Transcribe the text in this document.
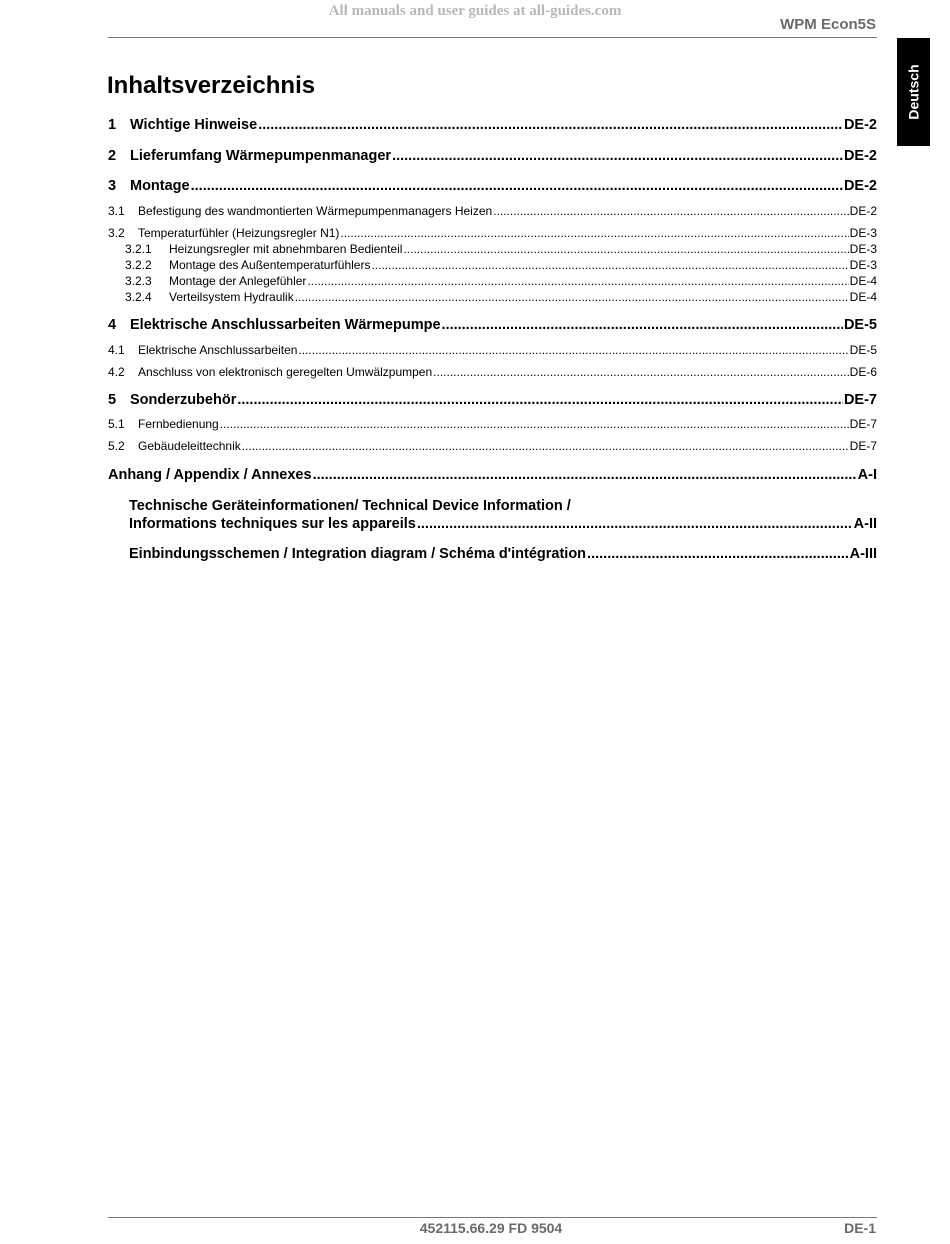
All manuals and user guides at all-guides.com
WPM Econ5S
Deutsch
Inhaltsverzeichnis
1 Wichtige Hinweise .....	DE-2
2 Lieferumfang Wärmepumpenmanager .....	DE-2
3 Montage .....	DE-2
3.1	Befestigung des wandmontierten Wärmepumpenmanagers Heizen .....	DE-2
3.2	Temperaturfühler (Heizungsregler N1) .....	DE-3
3.2.1	Heizungsregler mit abnehmbaren Bedienteil .....	DE-3
3.2.2	Montage des Außentemperaturfühlers .....	DE-3
3.2.3	Montage der Anlegefühler .....	DE-4
3.2.4	Verteilsystem Hydraulik .....	DE-4
4 Elektrische Anschlussarbeiten Wärmepumpe .....	DE-5
4.1	Elektrische Anschlussarbeiten .....	DE-5
4.2	Anschluss von elektronisch geregelten Umwälzpumpen .....	DE-6
5 Sonderzubehör .....	DE-7
5.1	Fernbedienung .....	DE-7
5.2	Gebäudeleittechnik .....	DE-7
Anhang / Appendix / Annexes .....	A-I
Technische Geräteinformationen/ Technical Device Information /
Informations techniques sur les appareils .....	A-II
Einbindungsschemen / Integration diagram / Schéma d'intégration .....	A-III
452115.66.29 FD 9504	DE-1
